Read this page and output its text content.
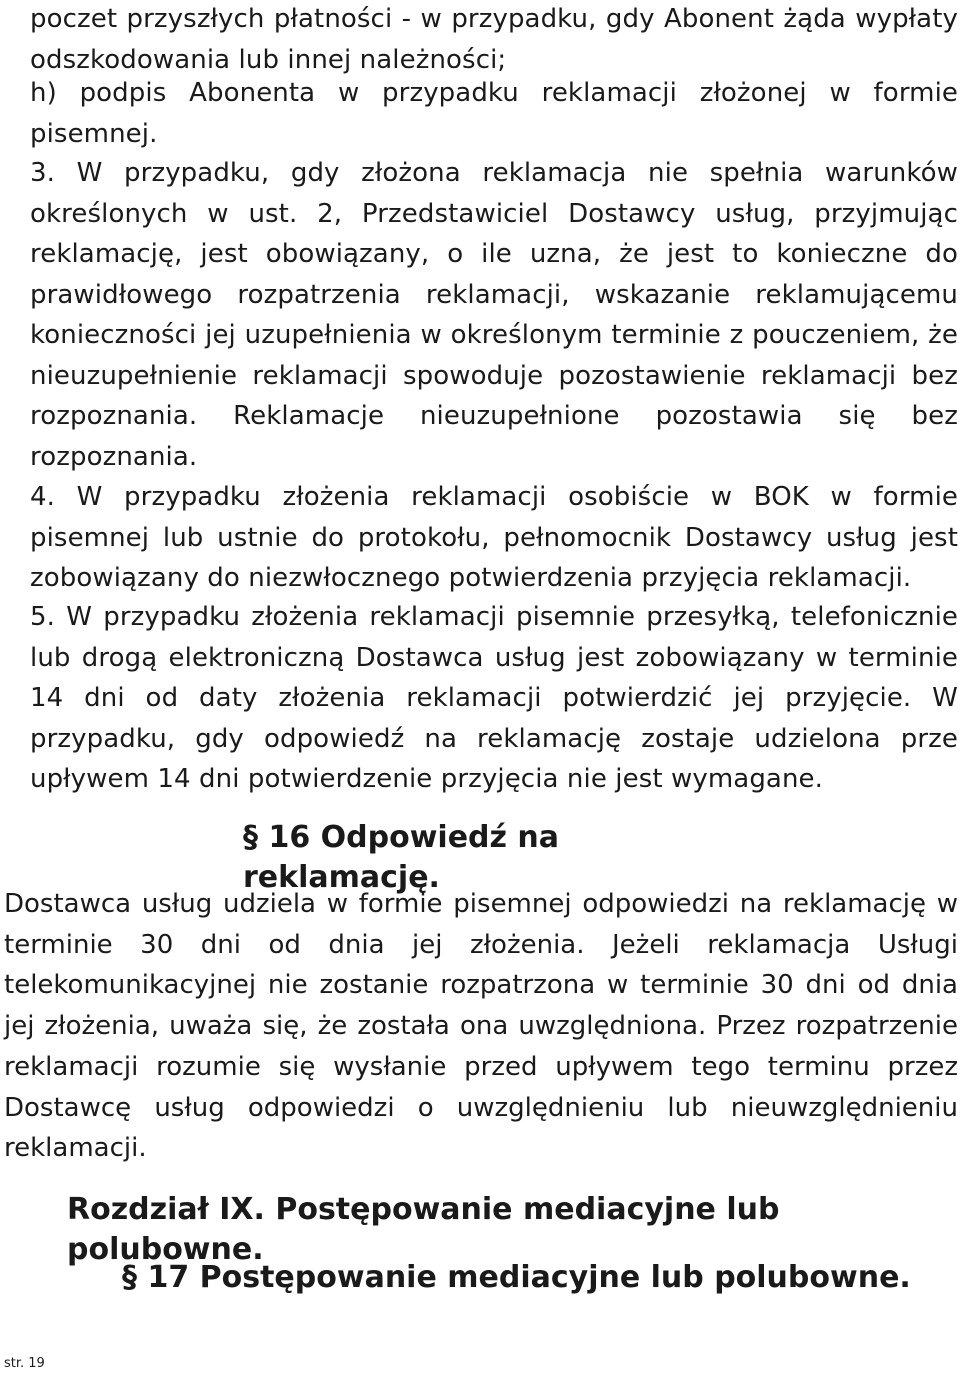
poczet przyszłych płatności - w przypadku, gdy Abonent żąda wypłaty odszkodowania lub innej należności;

h) podpis Abonenta w przypadku reklamacji złożonej w formie pisemnej.

3. W przypadku, gdy złożona reklamacja nie spełnia warunków określonych w ust. 2, Przedstawiciel Dostawcy usług, przyjmując reklamację, jest obowiązany, o ile uzna, że jest to konieczne do prawidłowego rozpatrzenia reklamacji, wskazanie reklamującemu konieczności jej uzupełnienia w określonym terminie z pouczeniem, że nieuzupełnienie reklamacji spowoduje pozostawienie reklamacji bez rozpoznania. Reklamacje nieuzupełnione pozostawia się bez rozpoznania.

4. W przypadku złożenia reklamacji osobiście w BOK w formie pisemnej lub ustnie do protokołu, pełnomocnik Dostawcy usług jest zobowiązany do niezwłocznego potwierdzenia przyjęcia reklamacji.

5. W przypadku złożenia reklamacji pisemnie przesyłką, telefonicznie lub drogą elektroniczną Dostawca usług jest zobowiązany w terminie 14 dni od daty złożenia reklamacji potwierdzić jej przyjęcie. W przypadku, gdy odpowiedź na reklamację zostaje udzielona prze upływem 14 dni potwierdzenie przyjęcia nie jest wymagane.

§ 16 Odpowiedź na reklamację.

Dostawca usług udziela w formie pisemnej odpowiedzi na reklamację w terminie 30 dni od dnia jej złożenia. Jeżeli reklamacja Usługi telekomunikacyjnej nie zostanie rozpatrzona w terminie 30 dni od dnia jej złożenia, uważa się, że została ona uwzględniona. Przez rozpatrzenie reklamacji rozumie się wysłanie przed upływem tego terminu przez Dostawcę usług odpowiedzi o uwzględnieniu lub nieuwzględnieniu reklamacji.

Rozdział IX. Postępowanie mediacyjne lub polubowne.
§ 17 Postępowanie mediacyjne lub polubowne.
str. 19
